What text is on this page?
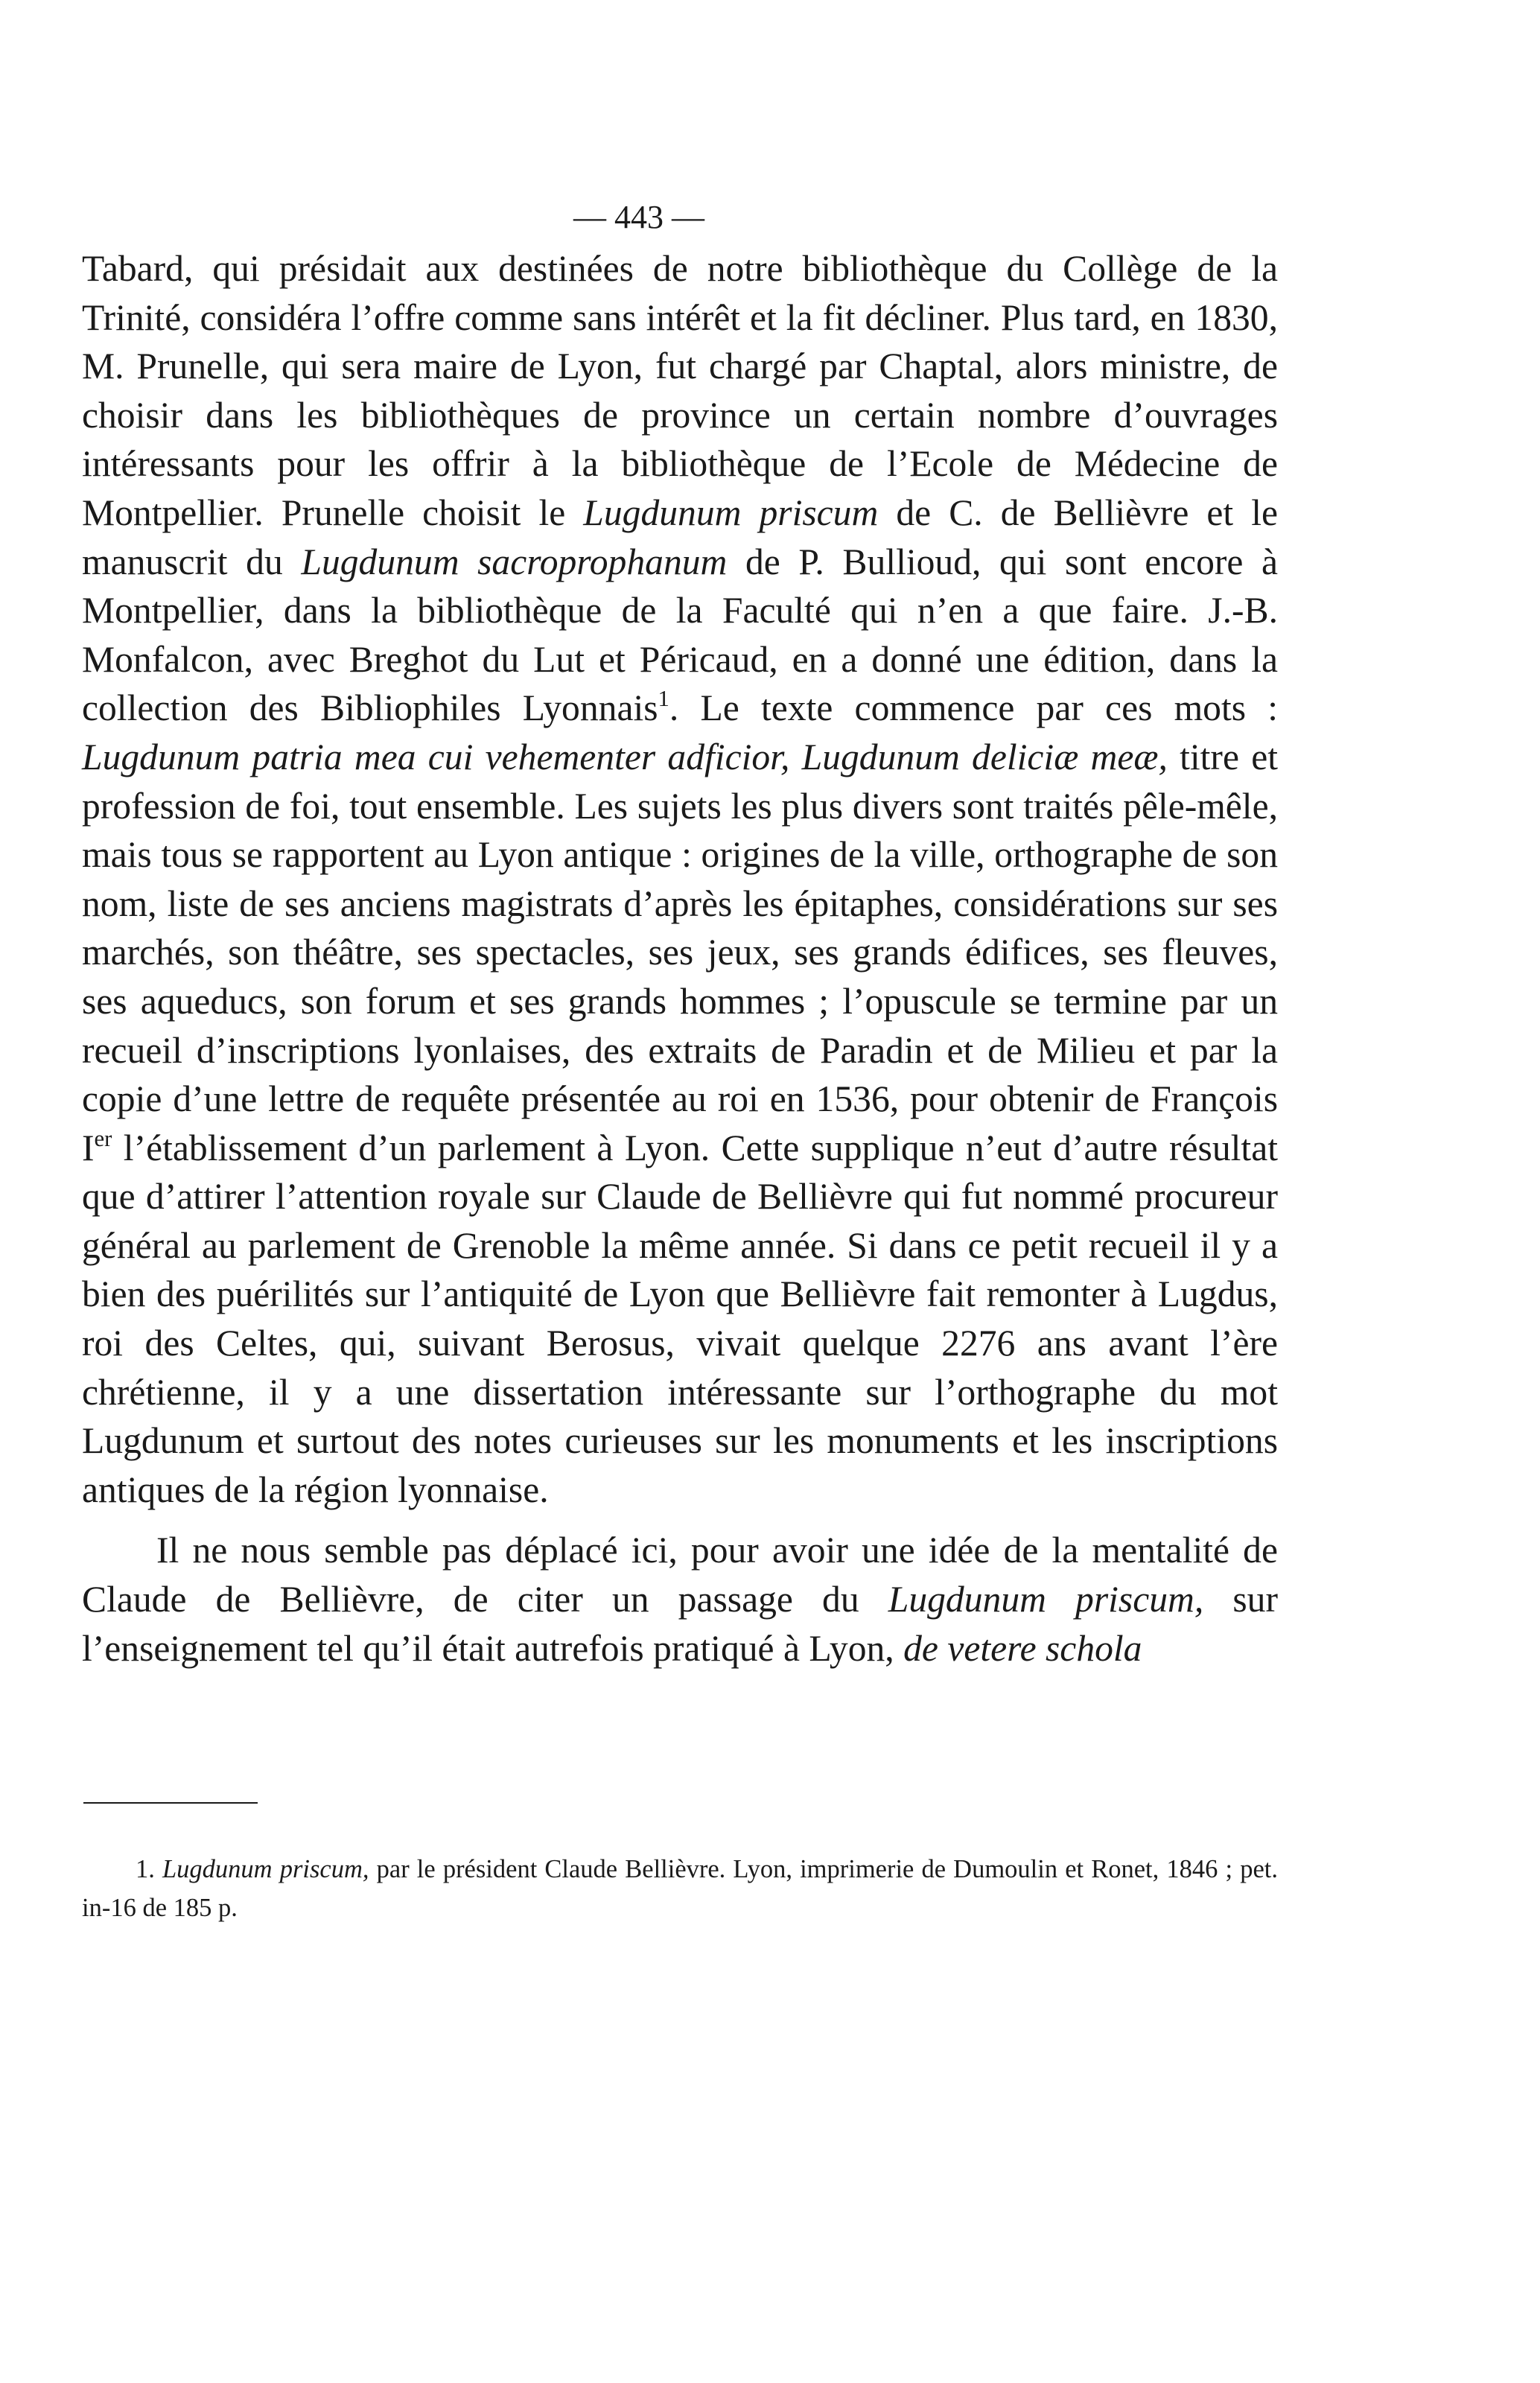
— 443 —

Tabard, qui présidait aux destinées de notre bibliothèque du Collège de la Trinité, considéra l’offre comme sans intérêt et la fit décliner. Plus tard, en 1830, M. Prunelle, qui sera maire de Lyon, fut chargé par Chaptal, alors ministre, de choisir dans les bibliothèques de province un certain nombre d’ouvrages intéressants pour les offrir à la bibliothèque de l’Ecole de Médecine de Montpellier. Prunelle choisit le Lugdunum priscum de C. de Bellièvre et le manuscrit du Lugdunum sacroprophanum de P. Bullioud, qui sont encore à Montpellier, dans la bibliothèque de la Faculté qui n’en a que faire. J.-B. Monfalcon, avec Breghot du Lut et Péricaud, en a donné une édition, dans la collection des Bibliophiles Lyonnais$^1$. Le texte commence par ces mots : Lugdunum patria mea cui vehementer adficior, Lugdunum deliciæ meæ, titre et profession de foi, tout ensemble. Les sujets les plus divers sont traités pêle-mêle, mais tous se rapportent au Lyon antique : origines de la ville, orthographe de son nom, liste de ses anciens magistrats d’après les épitaphes, considérations sur ses marchés, son théâtre, ses spectacles, ses jeux, ses grands édifices, ses fleuves, ses aqueducs, son forum et ses grands hommes ; l’opuscule se termine par un recueil d’inscriptions lyonlaises, des extraits de Paradin et de Milieu et par la copie d’une lettre de requête présentée au roi en 1536, pour obtenir de François Ier l’établissement d’un parlement à Lyon. Cette supplique n’eut d’autre résultat que d’attirer l’attention royale sur Claude de Bellièvre qui fut nommé procureur général au parlement de Grenoble la même année. Si dans ce petit recueil il y a bien des puérilités sur l’antiquité de Lyon que Bellièvre fait remonter à Lugdus, roi des Celtes, qui, suivant Berosus, vivait quelque 2276 ans avant l’ère chrétienne, il y a une dissertation intéressante sur l’orthographe du mot Lugdunum et surtout des notes curieuses sur les monuments et les inscriptions antiques de la région lyonnaise.

Il ne nous semble pas déplacé ici, pour avoir une idée de la mentalité de Claude de Bellièvre, de citer un passage du Lugdunum priscum, sur l’enseignement tel qu’il était autrefois pratiqué à Lyon, de vetere schola

1. Lugdunum priscum, par le président Claude Bellièvre. Lyon, imprimerie de Dumoulin et Ronet, 1846 ; pet. in-16 de 185 p.
